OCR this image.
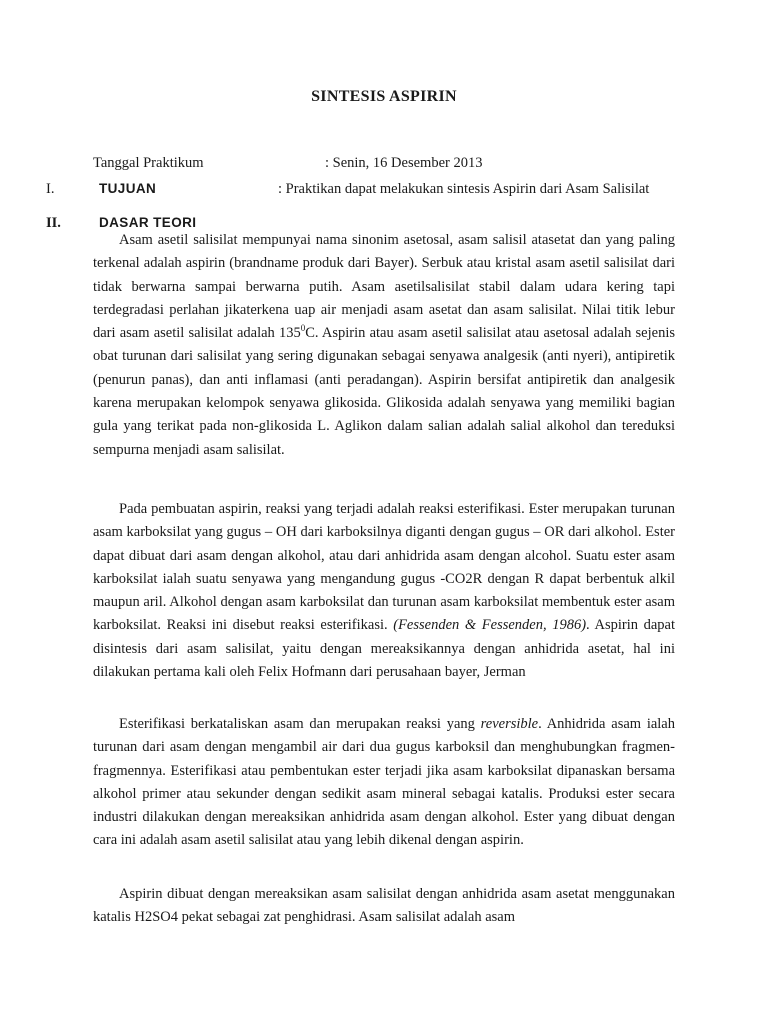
SINTESIS ASPIRIN
Tanggal Praktikum	: Senin, 16 Desember 2013
I.	TUJUAN	: Praktikan dapat melakukan sintesis Aspirin dari Asam Salisilat
II.	DASAR TEORI

Asam asetil salisilat mempunyai nama sinonim asetosal, asam salisil atasetat dan yang paling terkenal adalah aspirin (brandname produk dari Bayer). Serbuk atau kristal asam asetil salisilat dari tidak berwarna sampai berwarna putih. Asam asetilsalisilat stabil dalam udara kering tapi terdegradasi perlahan jikaterkena uap air menjadi asam asetat dan asam salisilat. Nilai titik lebur dari asam asetil salisilat adalah $135^0C$. Aspirin atau asam asetil salisilat atau asetosal adalah sejenis obat turunan dari salisilat yang sering digunakan sebagai senyawa analgesik (anti nyeri), antipiretik (penurun panas), dan anti inflamasi (anti peradangan). Aspirin bersifat antipiretik dan analgesik karena merupakan kelompok senyawa glikosida. Glikosida adalah senyawa yang memiliki bagian gula yang terikat pada non-glikosida L. Aglikon dalam salian adalah salial alkohol dan tereduksi sempurna menjadi asam salisilat.

Pada pembuatan aspirin, reaksi yang terjadi adalah reaksi esterifikasi. Ester merupakan turunan asam karboksilat yang gugus – OH dari karboksilnya diganti dengan gugus – OR dari alkohol. Ester dapat dibuat dari asam dengan alkohol, atau dari anhidrida asam dengan alcohol. Suatu ester asam karboksilat ialah suatu senyawa yang mengandung gugus -CO2R dengan R dapat berbentuk alkil maupun aril. Alkohol dengan asam karboksilat dan turunan asam karboksilat membentuk ester asam karboksilat. Reaksi ini disebut reaksi esterifikasi. (Fessenden & Fessenden, 1986). Aspirin dapat disintesis dari asam salisilat, yaitu dengan mereaksikannya dengan anhidrida asetat, hal ini dilakukan pertama kali oleh Felix Hofmann dari perusahaan bayer, Jerman

Esterifikasi berkataliskan asam dan merupakan reaksi yang reversible. Anhidrida asam ialah turunan dari asam dengan mengambil air dari dua gugus karboksil dan menghubungkan fragmen-fragmennya. Esterifikasi atau pembentukan ester terjadi jika asam karboksilat dipanaskan bersama alkohol primer atau sekunder dengan sedikit asam mineral sebagai katalis. Produksi ester secara industri dilakukan dengan mereaksikan anhidrida asam dengan alkohol. Ester yang dibuat dengan cara ini adalah asam asetil salisilat atau yang lebih dikenal dengan aspirin.

Aspirin dibuat dengan mereaksikan asam salisilat dengan anhidrida asam asetat menggunakan katalis H2SO4 pekat sebagai zat penghidrasi. Asam salisilat adalah asam
